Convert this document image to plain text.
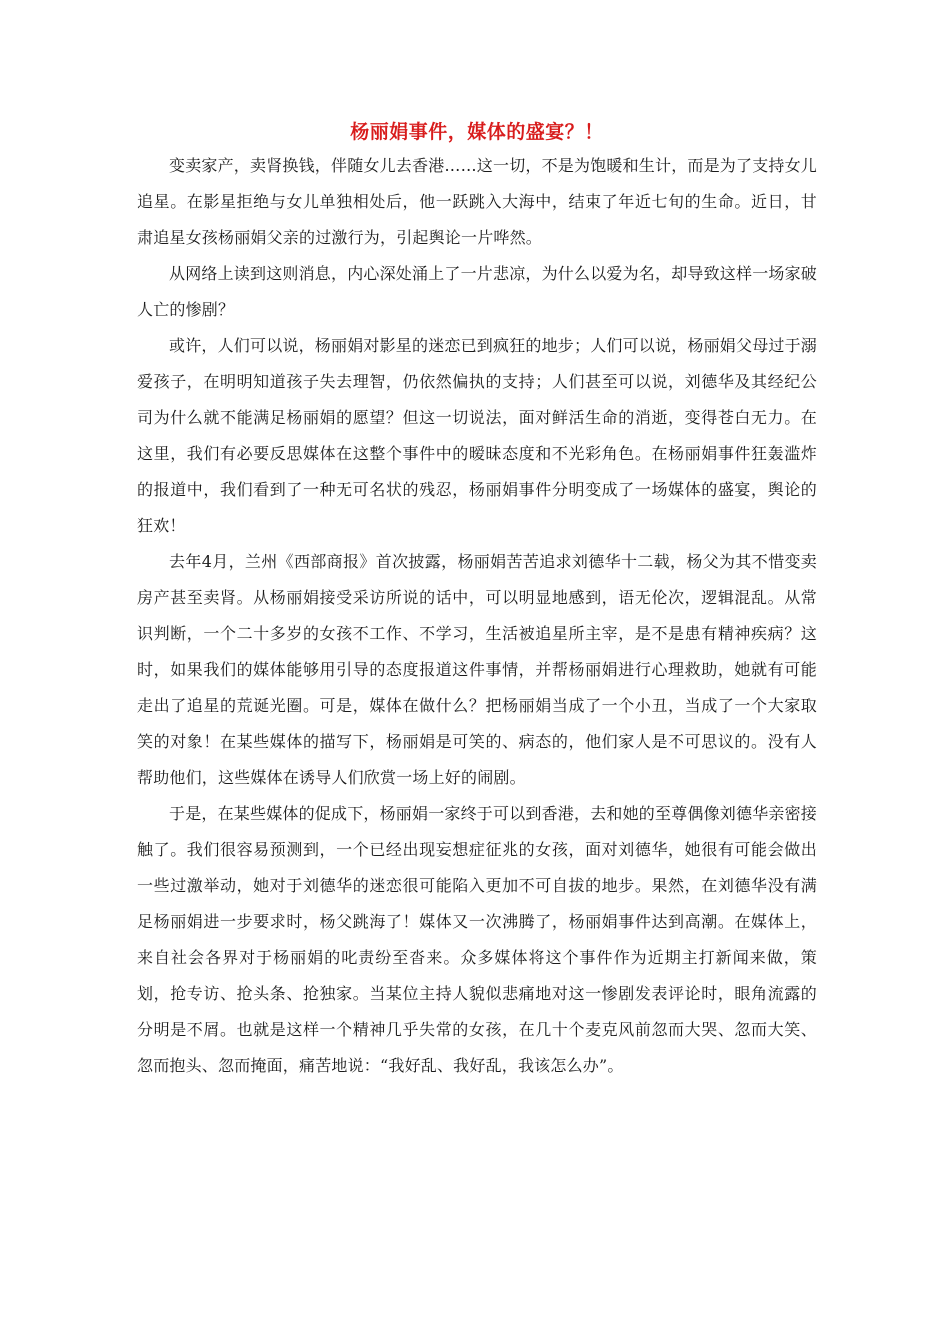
杨丽娟事件，媒体的盛宴？！

变卖家产，卖肾换钱，伴随女儿去香港……这一切，不是为饱暖和生计，而是为了支持女儿追星。在影星拒绝与女儿单独相处后，他一跃跳入大海中，结束了年近七旬的生命。近日，甘肃追星女孩杨丽娟父亲的过激行为，引起舆论一片哗然。

从网络上读到这则消息，内心深处涌上了一片悲凉，为什么以爱为名，却导致这样一场家破人亡的惨剧？

或许，人们可以说，杨丽娟对影星的迷恋已到疯狂的地步；人们可以说，杨丽娟父母过于溺爱孩子，在明明知道孩子失去理智，仍依然偏执的支持；人们甚至可以说，刘德华及其经纪公司为什么就不能满足杨丽娟的愿望？但这一切说法，面对鲜活生命的消逝，变得苍白无力。在这里，我们有必要反思媒体在这整个事件中的暧昧态度和不光彩角色。在杨丽娟事件狂轰滥炸的报道中，我们看到了一种无可名状的残忍，杨丽娟事件分明变成了一场媒体的盛宴，舆论的狂欢！

去年4月，兰州《西部商报》首次披露，杨丽娟苦苦追求刘德华十二载，杨父为其不惜变卖房产甚至卖肾。从杨丽娟接受采访所说的话中，可以明显地感到，语无伦次，逻辑混乱。从常识判断，一个二十多岁的女孩不工作、不学习，生活被追星所主宰，是不是患有精神疾病？这时，如果我们的媒体能够用引导的态度报道这件事情，并帮杨丽娟进行心理救助，她就有可能走出了追星的荒诞光圈。可是，媒体在做什么？把杨丽娟当成了一个小丑，当成了一个大家取笑的对象！在某些媒体的描写下，杨丽娟是可笑的、病态的，他们家人是不可思议的。没有人帮助他们，这些媒体在诱导人们欣赏一场上好的闹剧。

于是，在某些媒体的促成下，杨丽娟一家终于可以到香港，去和她的至尊偶像刘德华亲密接触了。我们很容易预测到，一个已经出现妄想症征兆的女孩，面对刘德华，她很有可能会做出一些过激举动，她对于刘德华的迷恋很可能陷入更加不可自拔的地步。果然，在刘德华没有满足杨丽娟进一步要求时，杨父跳海了！媒体又一次沸腾了，杨丽娟事件达到高潮。在媒体上，来自社会各界对于杨丽娟的叱责纷至沓来。众多媒体将这个事件作为近期主打新闻来做，策划，抢专访、抢头条、抢独家。当某位主持人貌似悲痛地对这一惨剧发表评论时，眼角流露的分明是不屑。也就是这样一个精神几乎失常的女孩，在几十个麦克风前忽而大哭、忽而大笑、忽而抱头、忽而掩面，痛苦地说：“我好乱、我好乱，我该怎么办”。
